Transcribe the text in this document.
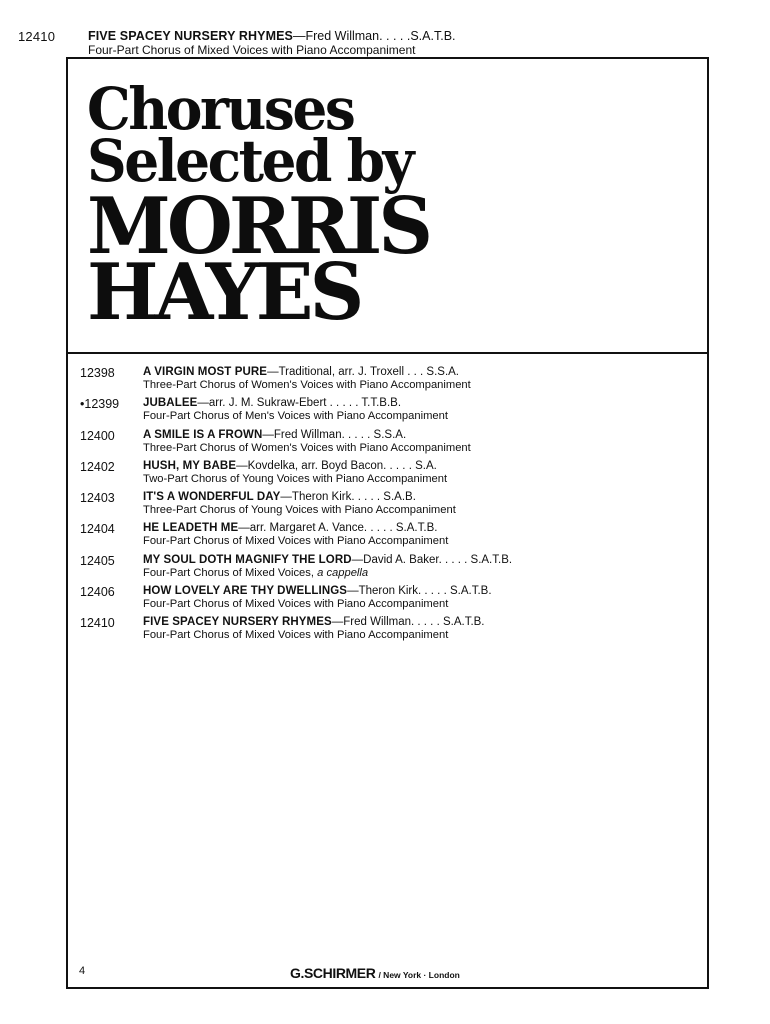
12410	FIVE SPACEY NURSERY RHYMES—Fred Willman. . . . .S.A.T.B.
Four-Part Chorus of Mixed Voices with Piano Accompaniment
Choruses
Selected by
MORRIS
HAYES
12398 A VIRGIN MOST PURE—Traditional, arr. J. Troxell . . . S.S.A.
Three-Part Chorus of Women's Voices with Piano Accompaniment
•12399 JUBALEE—arr. J. M. Sukraw-Ebert . . . . . T.T.B.B.
Four-Part Chorus of Men's Voices with Piano Accompaniment
12400 A SMILE IS A FROWN—Fred Willman. . . . . S.S.A.
Three-Part Chorus of Women's Voices with Piano Accompaniment
12402 HUSH, MY BABE—Kovdelka, arr. Boyd Bacon. . . . . S.A.
Two-Part Chorus of Young Voices with Piano Accompaniment
12403 IT'S A WONDERFUL DAY—Theron Kirk. . . . . S.A.B.
Three-Part Chorus of Young Voices with Piano Accompaniment
12404 HE LEADETH ME—arr. Margaret A. Vance. . . . . S.A.T.B.
Four-Part Chorus of Mixed Voices with Piano Accompaniment
12405 MY SOUL DOTH MAGNIFY THE LORD—David A. Baker. . . . . S.A.T.B.
Four-Part Chorus of Mixed Voices, a cappella
12406 HOW LOVELY ARE THY DWELLINGS—Theron Kirk. . . . . S.A.T.B.
Four-Part Chorus of Mixed Voices with Piano Accompaniment
12410 FIVE SPACEY NURSERY RHYMES—Fred Willman. . . . . S.A.T.B.
Four-Part Chorus of Mixed Voices with Piano Accompaniment
4	G.SCHIRMER / New York · London
